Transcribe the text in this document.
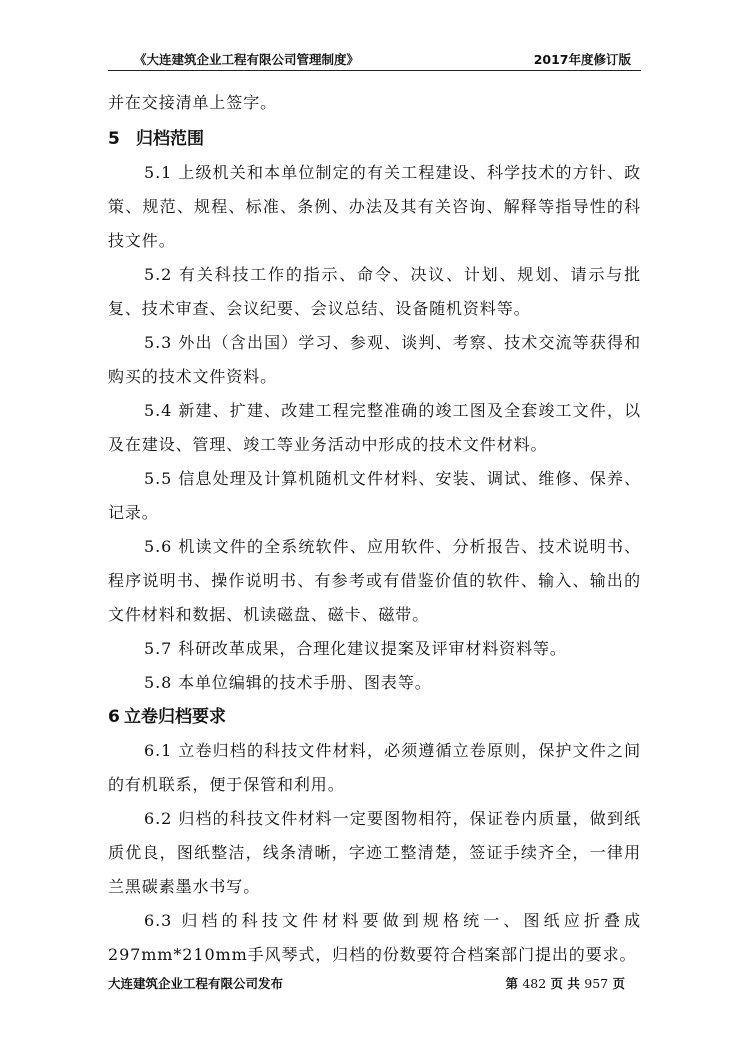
《大连建筑企业工程有限公司管理制度》	2017年度修订版

并在交接清单上签字。

5 归档范围

5.1 上级机关和本单位制定的有关工程建设、科学技术的方针、政策、规范、规程、标准、条例、办法及其有关咨询、解释等指导性的科技文件。

5.2 有关科技工作的指示、命令、决议、计划、规划、请示与批复、技术审查、会议纪要、会议总结、设备随机资料等。

5.3 外出（含出国）学习、参观、谈判、考察、技术交流等获得和购买的技术文件资料。

5.4 新建、扩建、改建工程完整准确的竣工图及全套竣工文件，以及在建设、管理、竣工等业务活动中形成的技术文件材料。

5.5 信息处理及计算机随机文件材料、安装、调试、维修、保养、记录。

5.6 机读文件的全系统软件、应用软件、分析报告、技术说明书、程序说明书、操作说明书、有参考或有借鉴价值的软件、输入、输出的文件材料和数据、机读磁盘、磁卡、磁带。

5.7 科研改革成果，合理化建议提案及评审材料资料等。

5.8 本单位编辑的技术手册、图表等。

6 立卷归档要求

6.1 立卷归档的科技文件材料，必须遵循立卷原则，保护文件之间的有机联系，便于保管和利用。

6.2 归档的科技文件材料一定要图物相符，保证卷内质量，做到纸质优良，图纸整洁，线条清晰，字迹工整清楚，签证手续齐全，一律用兰黑碳素墨水书写。

6.3 归档的科技文件材料要做到规格统一、图纸应折叠成297mm*210mm手风琴式，归档的份数要符合档案部门提出的要求。

大连建筑企业工程有限公司发布	第 482 页 共 957 页
